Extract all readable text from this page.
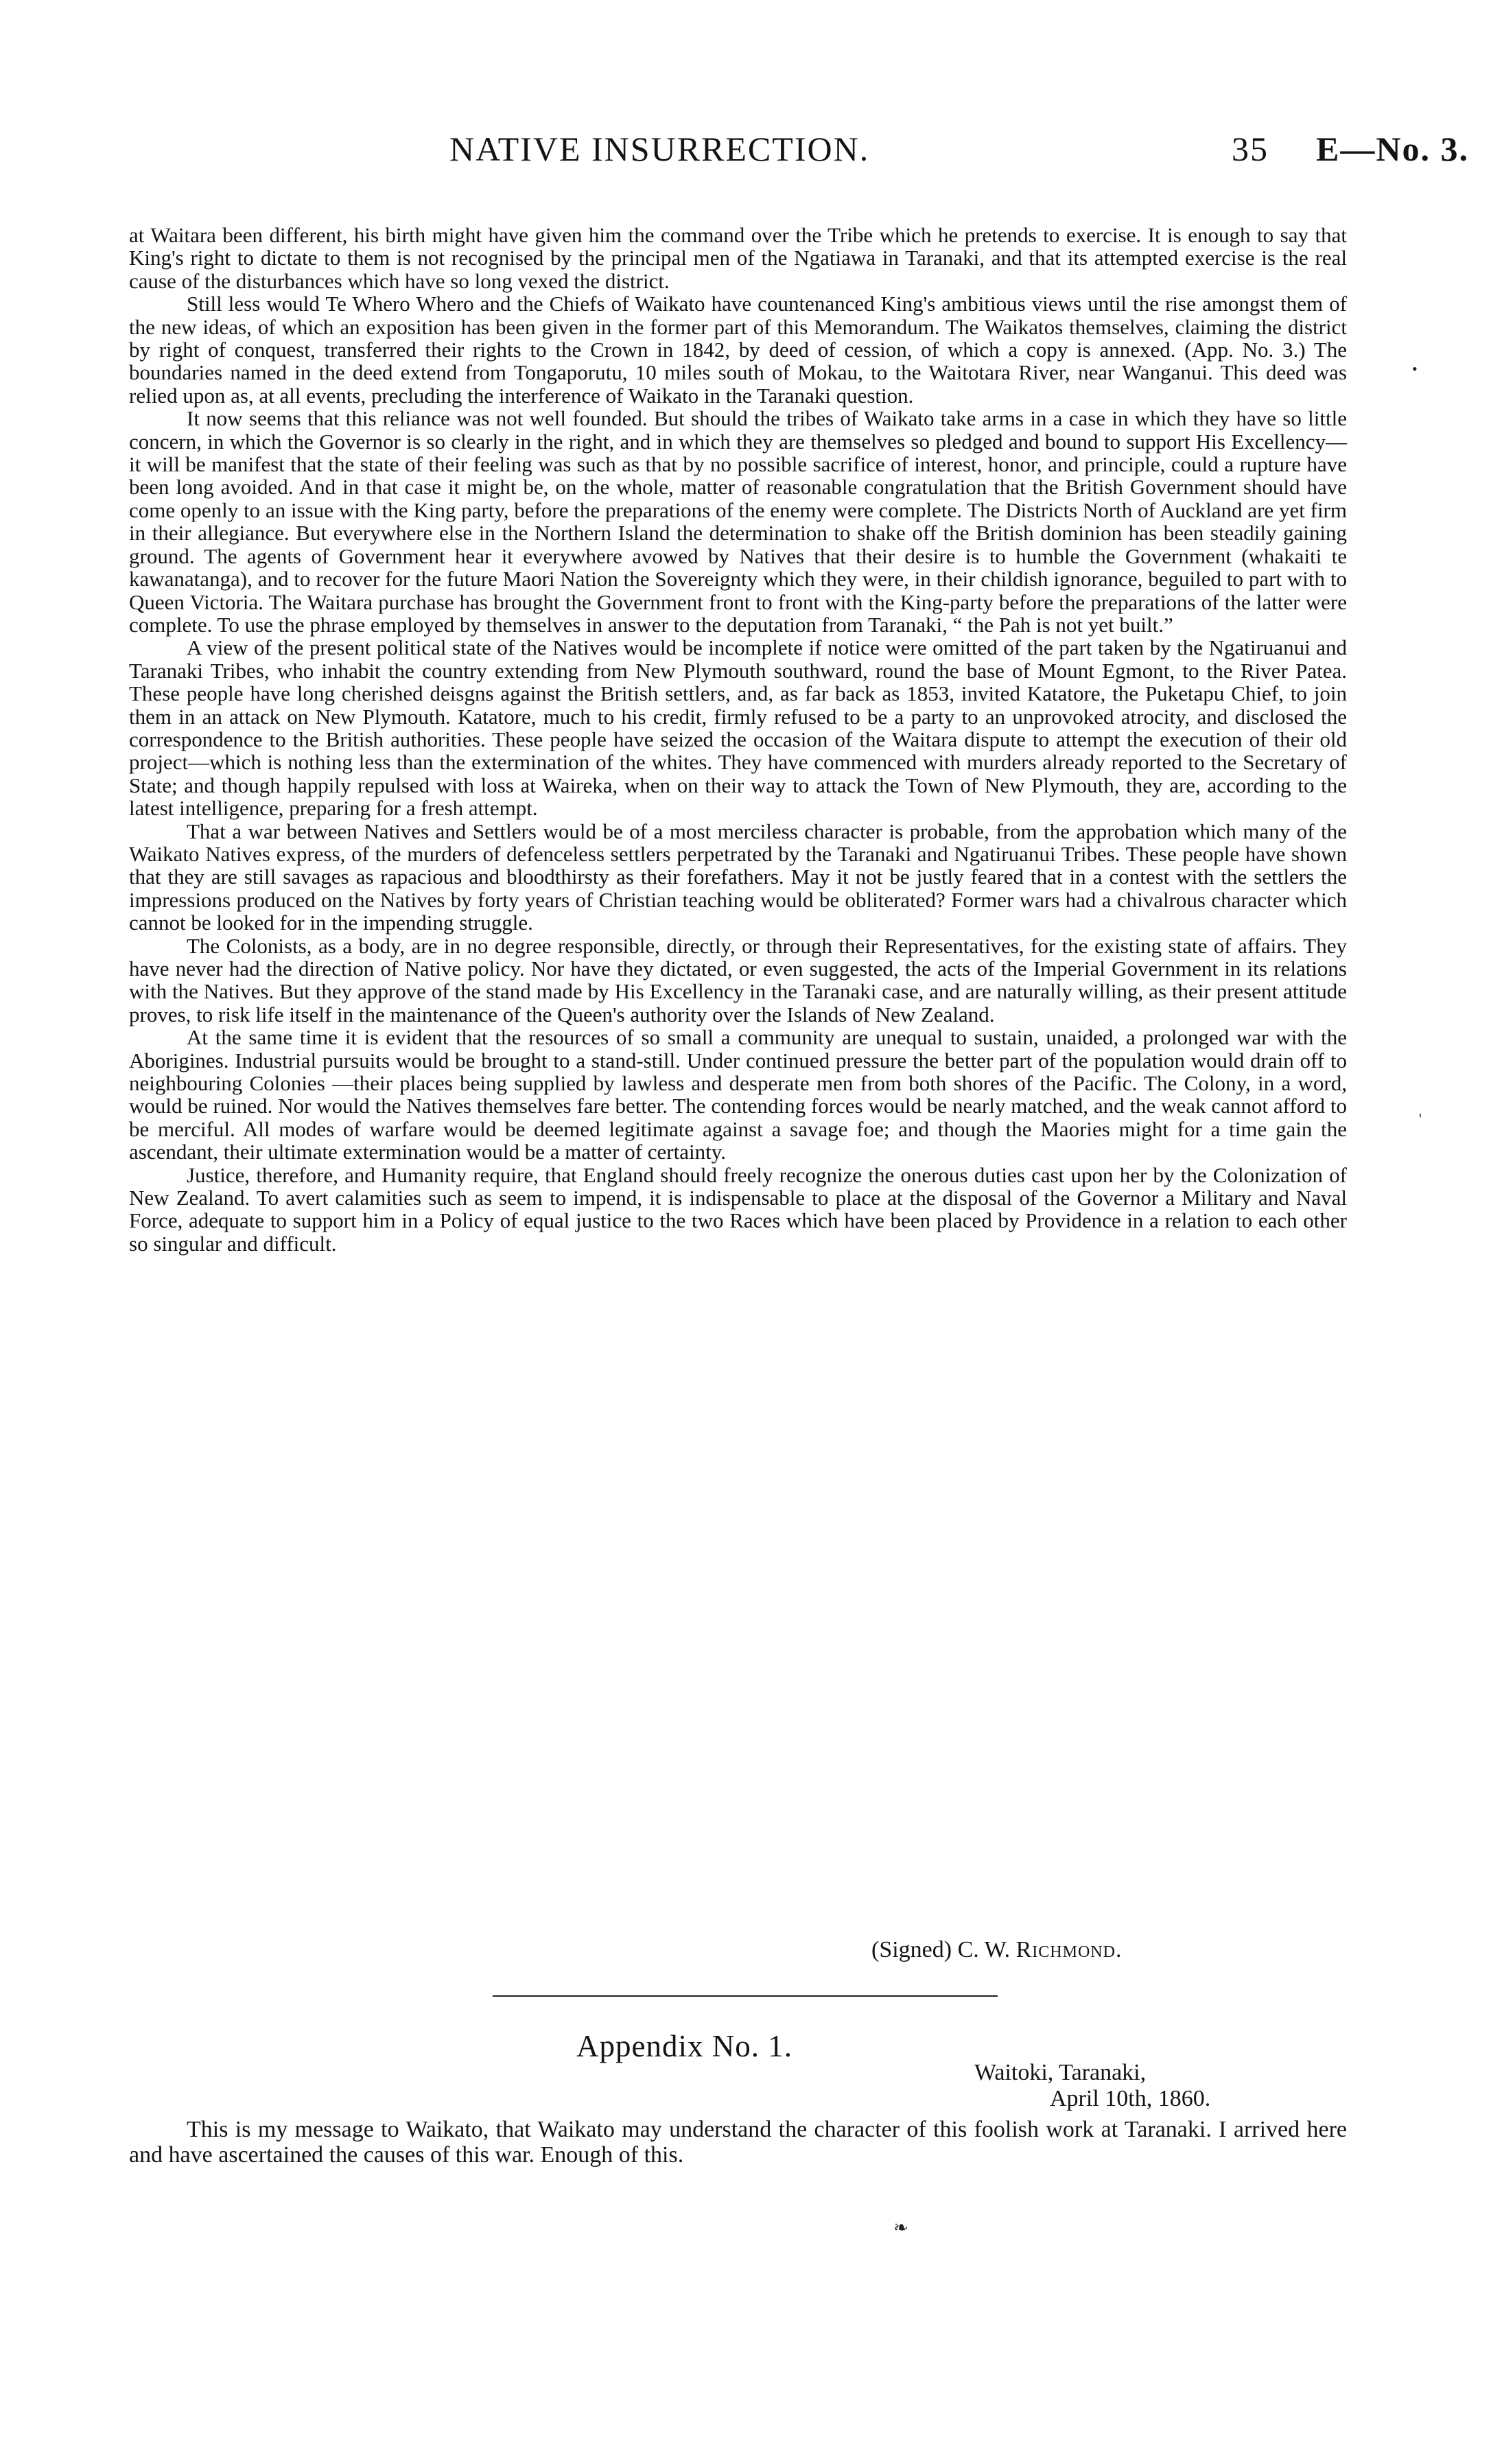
NATIVE INSURRECTION.	35 E—No. 3.

at Waitara been different, his birth might have given him the command over the Tribe which he pretends to exercise. It is enough to say that King's right to dictate to them is not recognised by the principal men of the Ngatiawa in Taranaki, and that its attempted exercise is the real cause of the disturbances which have so long vexed the district.

Still less would Te Whero Whero and the Chiefs of Waikato have countenanced King's ambitious views until the rise amongst them of the new ideas, of which an exposition has been given in the former part of this Memorandum. The Waikatos themselves, claiming the district by right of conquest, transferred their rights to the Crown in 1842, by deed of cession, of which a copy is annexed. (App. No. 3.) The boundaries named in the deed extend from Tongaporutu, 10 miles south of Mokau, to the Waitotara River, near Wanganui. This deed was relied upon as, at all events, precluding the interference of Waikato in the Taranaki question.

It now seems that this reliance was not well founded. But should the tribes of Waikato take arms in a case in which they have so little concern, in which the Governor is so clearly in the right, and in which they are themselves so pledged and bound to support His Excellency—it will be manifest that the state of their feeling was such as that by no possible sacrifice of interest, honor, and principle, could a rupture have been long avoided. And in that case it might be, on the whole, matter of reasonable congratulation that the British Government should have come openly to an issue with the King party, before the preparations of the enemy were complete. The Districts North of Auckland are yet firm in their allegiance. But everywhere else in the Northern Island the determination to shake off the British dominion has been steadily gaining ground. The agents of Government hear it everywhere avowed by Natives that their desire is to humble the Government (whakaiti te kawanatanga), and to recover for the future Maori Nation the Sovereignty which they were, in their childish ignorance, beguiled to part with to Queen Victoria. The Waitara purchase has brought the Government front to front with the King-party before the preparations of the latter were complete. To use the phrase employed by themselves in answer to the deputation from Taranaki, “ the Pah is not yet built.”

A view of the present political state of the Natives would be incomplete if notice were omitted of the part taken by the Ngatiruanui and Taranaki Tribes, who inhabit the country extending from New Plymouth southward, round the base of Mount Egmont, to the River Patea. These people have long cherished deisgns against the British settlers, and, as far back as 1853, invited Katatore, the Puketapu Chief, to join them in an attack on New Plymouth. Katatore, much to his credit, firmly refused to be a party to an unprovoked atrocity, and disclosed the correspondence to the British authorities. These people have seized the occasion of the Waitara dispute to attempt the execution of their old project—which is nothing less than the extermination of the whites. They have commenced with murders already reported to the Secretary of State; and though happily repulsed with loss at Waireka, when on their way to attack the Town of New Plymouth, they are, according to the latest intelligence, preparing for a fresh attempt.

That a war between Natives and Settlers would be of a most merciless character is probable, from the approbation which many of the Waikato Natives express, of the murders of defenceless settlers perpetrated by the Taranaki and Ngatiruanui Tribes. These people have shown that they are still savages as rapacious and bloodthirsty as their forefathers. May it not be justly feared that in a contest with the settlers the impressions produced on the Natives by forty years of Christian teaching would be obliterated? Former wars had a chivalrous character which cannot be looked for in the impending struggle.

The Colonists, as a body, are in no degree responsible, directly, or through their Representatives, for the existing state of affairs. They have never had the direction of Native policy. Nor have they dictated, or even suggested, the acts of the Imperial Government in its relations with the Natives. But they approve of the stand made by His Excellency in the Taranaki case, and are naturally willing, as their present attitude proves, to risk life itself in the maintenance of the Queen's authority over the Islands of New Zealand.

At the same time it is evident that the resources of so small a community are unequal to sustain, unaided, a prolonged war with the Aborigines. Industrial pursuits would be brought to a stand-still. Under continued pressure the better part of the population would drain off to neighbouring Colonies —their places being supplied by lawless and desperate men from both shores of the Pacific. The Colony, in a word, would be ruined. Nor would the Natives themselves fare better. The contending forces would be nearly matched, and the weak cannot afford to be merciful. All modes of warfare would be deemed legitimate against a savage foe; and though the Maories might for a time gain the ascendant, their ultimate extermination would be a matter of certainty.

Justice, therefore, and Humanity require, that England should freely recognize the onerous duties cast upon her by the Colonization of New Zealand. To avert calamities such as seem to impend, it is indispensable to place at the disposal of the Governor a Military and Naval Force, adequate to support him in a Policy of equal justice to the two Races which have been placed by Providence in a relation to each other so singular and difficult.

(Signed) C. W. Richmond.
Appendix No. 1.
Waitoki, Taranaki,
April 10th, 1860.

This is my message to Waikato, that Waikato may understand the character of this foolish work at Taranaki. I arrived here and have ascertained the causes of this war. Enough of this.

•
'
❧
